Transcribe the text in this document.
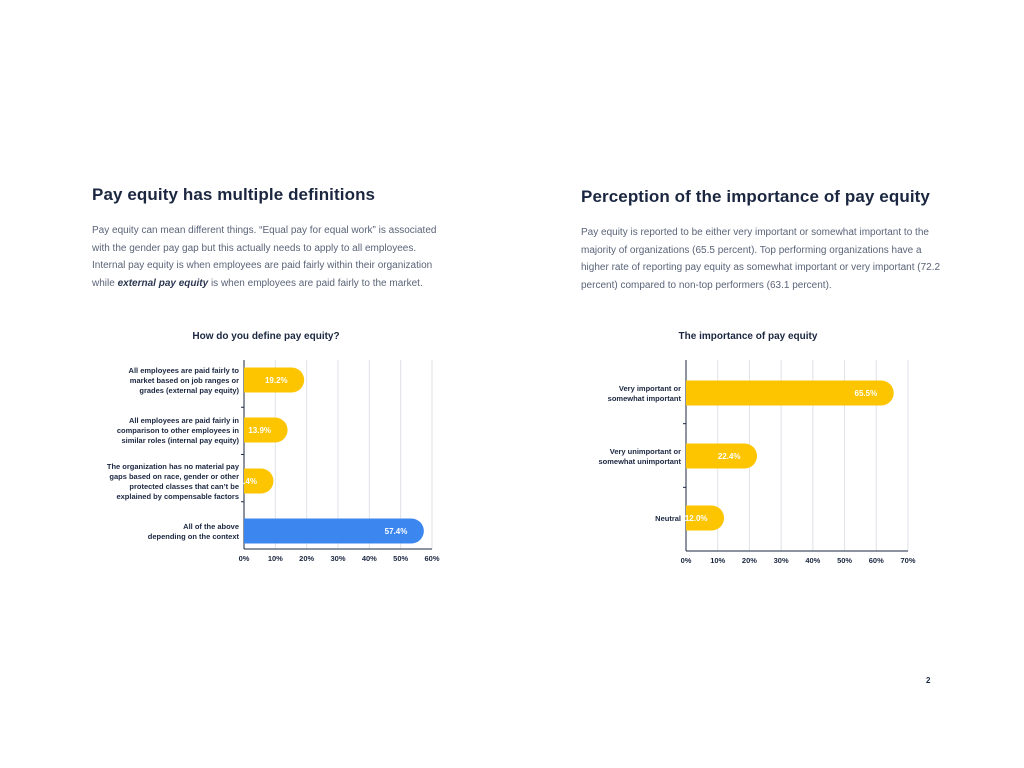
Pay equity has multiple definitions

Pay equity can mean different things. “Equal pay for equal work” is associated with the gender pay gap but this actually needs to apply to all employees. Internal pay equity is when employees are paid fairly within their organization while external pay equity is when employees are paid fairly to the market.

How do you define pay equity?
0% 10% 20% 30% 40% 50% 60%
19.2%
All employees are paid fairly to
market based on job ranges or
grades (external pay equity)
13.9%
All employees are paid fairly in
comparison to other employees in
similar roles (internal pay equity)
9.4%
The organization has no material pay
gaps based on race, gender or other
protected classes that can’t be
explained by compensable factors
57.4%
All of the above
depending on the context
Perception of the importance of pay equity

Pay equity is reported to be either very important or somewhat important to the majority of organizations (65.5 percent). Top performing organizations have a higher rate of reporting pay equity as somewhat important or very important (72.2 percent) compared to non-top performers (63.1 percent).

The importance of pay equity
0%	10% 20% 30% 40% 50% 60% 70%
65.5%
Very important or
somewhat important
22.4%
Very unimportant or
somewhat unimportant
12.0%
Neutral
2
